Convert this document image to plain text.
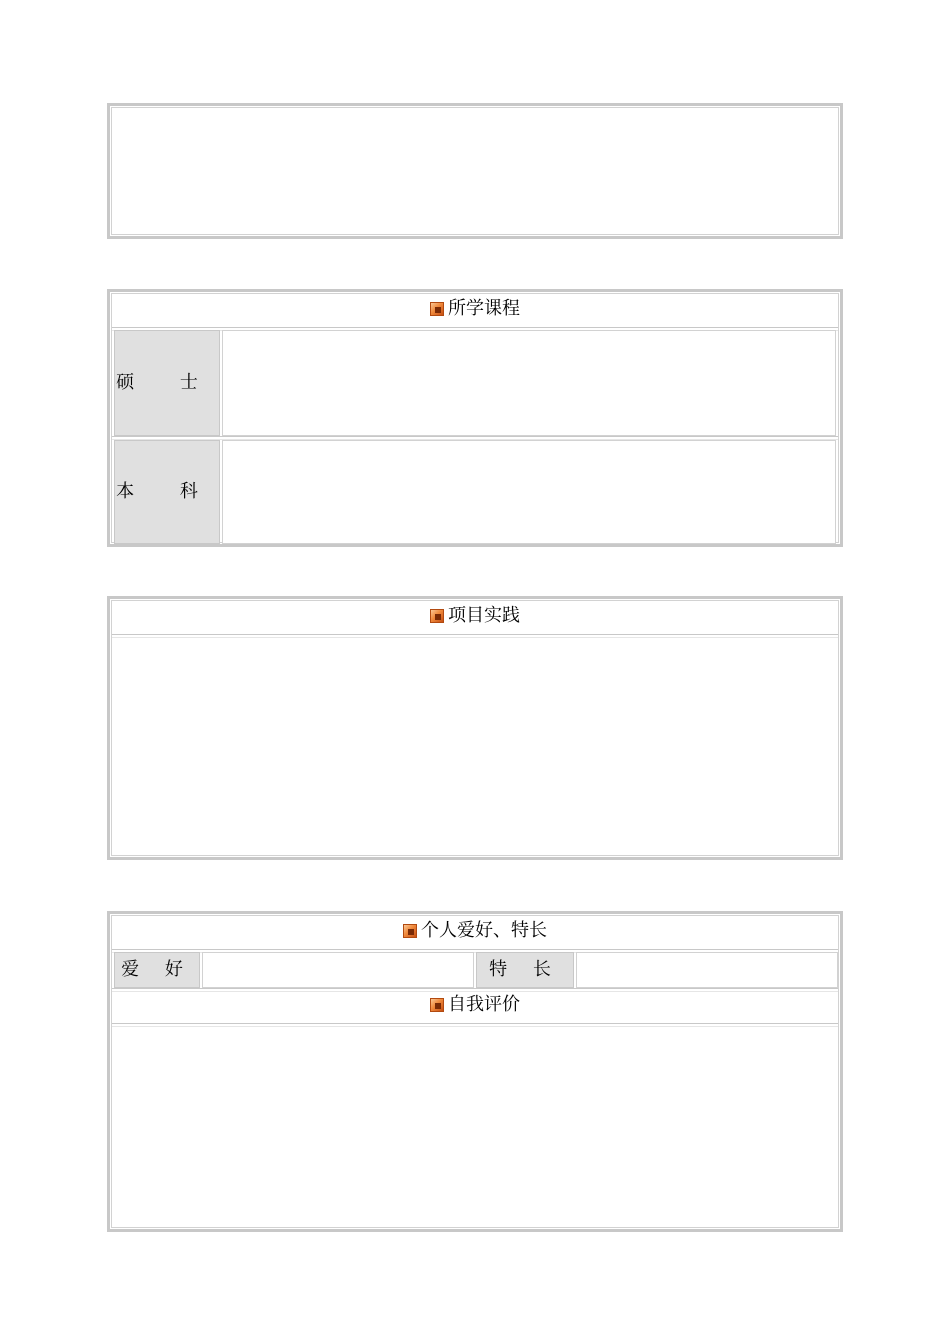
所学课程
硕 士
本 科
项目实践
个人爱好、特长
爱 好	特 长
自我评价
